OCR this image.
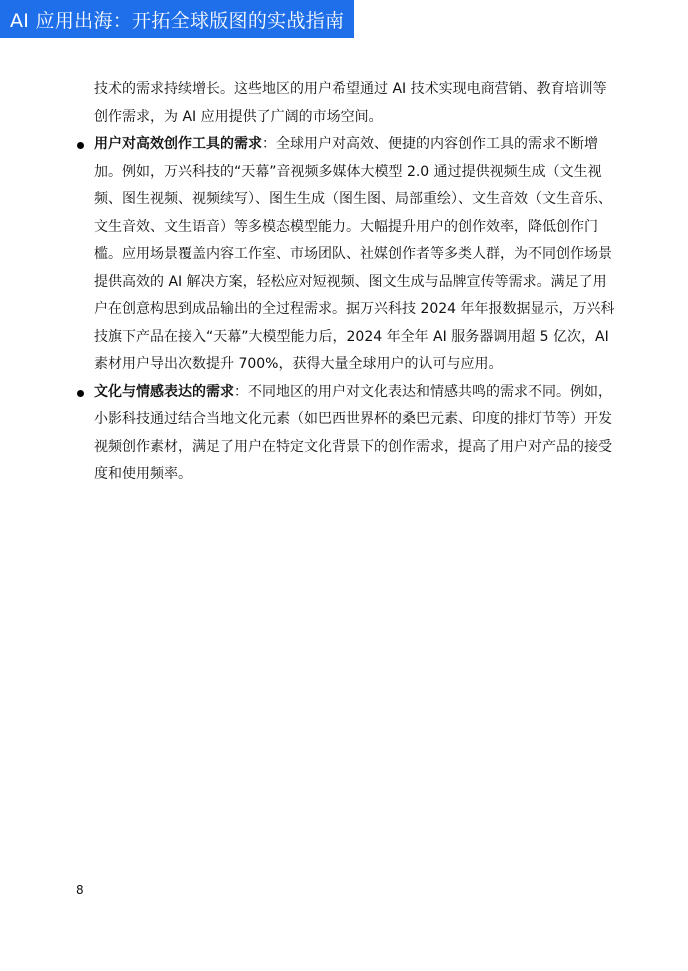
AI 应用出海：开拓全球版图的实战指南

技术的需求持续增长。这些地区的用户希望通过 AI 技术实现电商营销、教育培训等创作需求，为 AI 应用提供了广阔的市场空间。

用户对高效创作工具的需求：全球用户对高效、便捷的内容创作工具的需求不断增加。例如，万兴科技的“天幕”音视频多媒体大模型 2.0 通过提供视频生成（文生视频、图生视频、视频续写）、图生生成（图生图、局部重绘）、文生音效（文生音乐、文生音效、文生语音）等多模态模型能力。大幅提升用户的创作效率，降低创作门槛。应用场景覆盖内容工作室、市场团队、社媒创作者等多类人群，为不同创作场景提供高效的 AI 解决方案，轻松应对短视频、图文生成与品牌宣传等需求。满足了用户在创意构思到成品输出的全过程需求。据万兴科技 2024 年年报数据显示，万兴科技旗下产品在接入“天幕”大模型能力后，2024 年全年 AI 服务器调用超 5 亿次，AI 素材用户导出次数提升 700%，获得大量全球用户的认可与应用。
文化与情感表达的需求：不同地区的用户对文化表达和情感共鸣的需求不同。例如，小影科技通过结合当地文化元素（如巴西世界杯的桑巴元素、印度的排灯节等）开发视频创作素材，满足了用户在特定文化背景下的创作需求，提高了用户对产品的接受度和使用频率。
8
